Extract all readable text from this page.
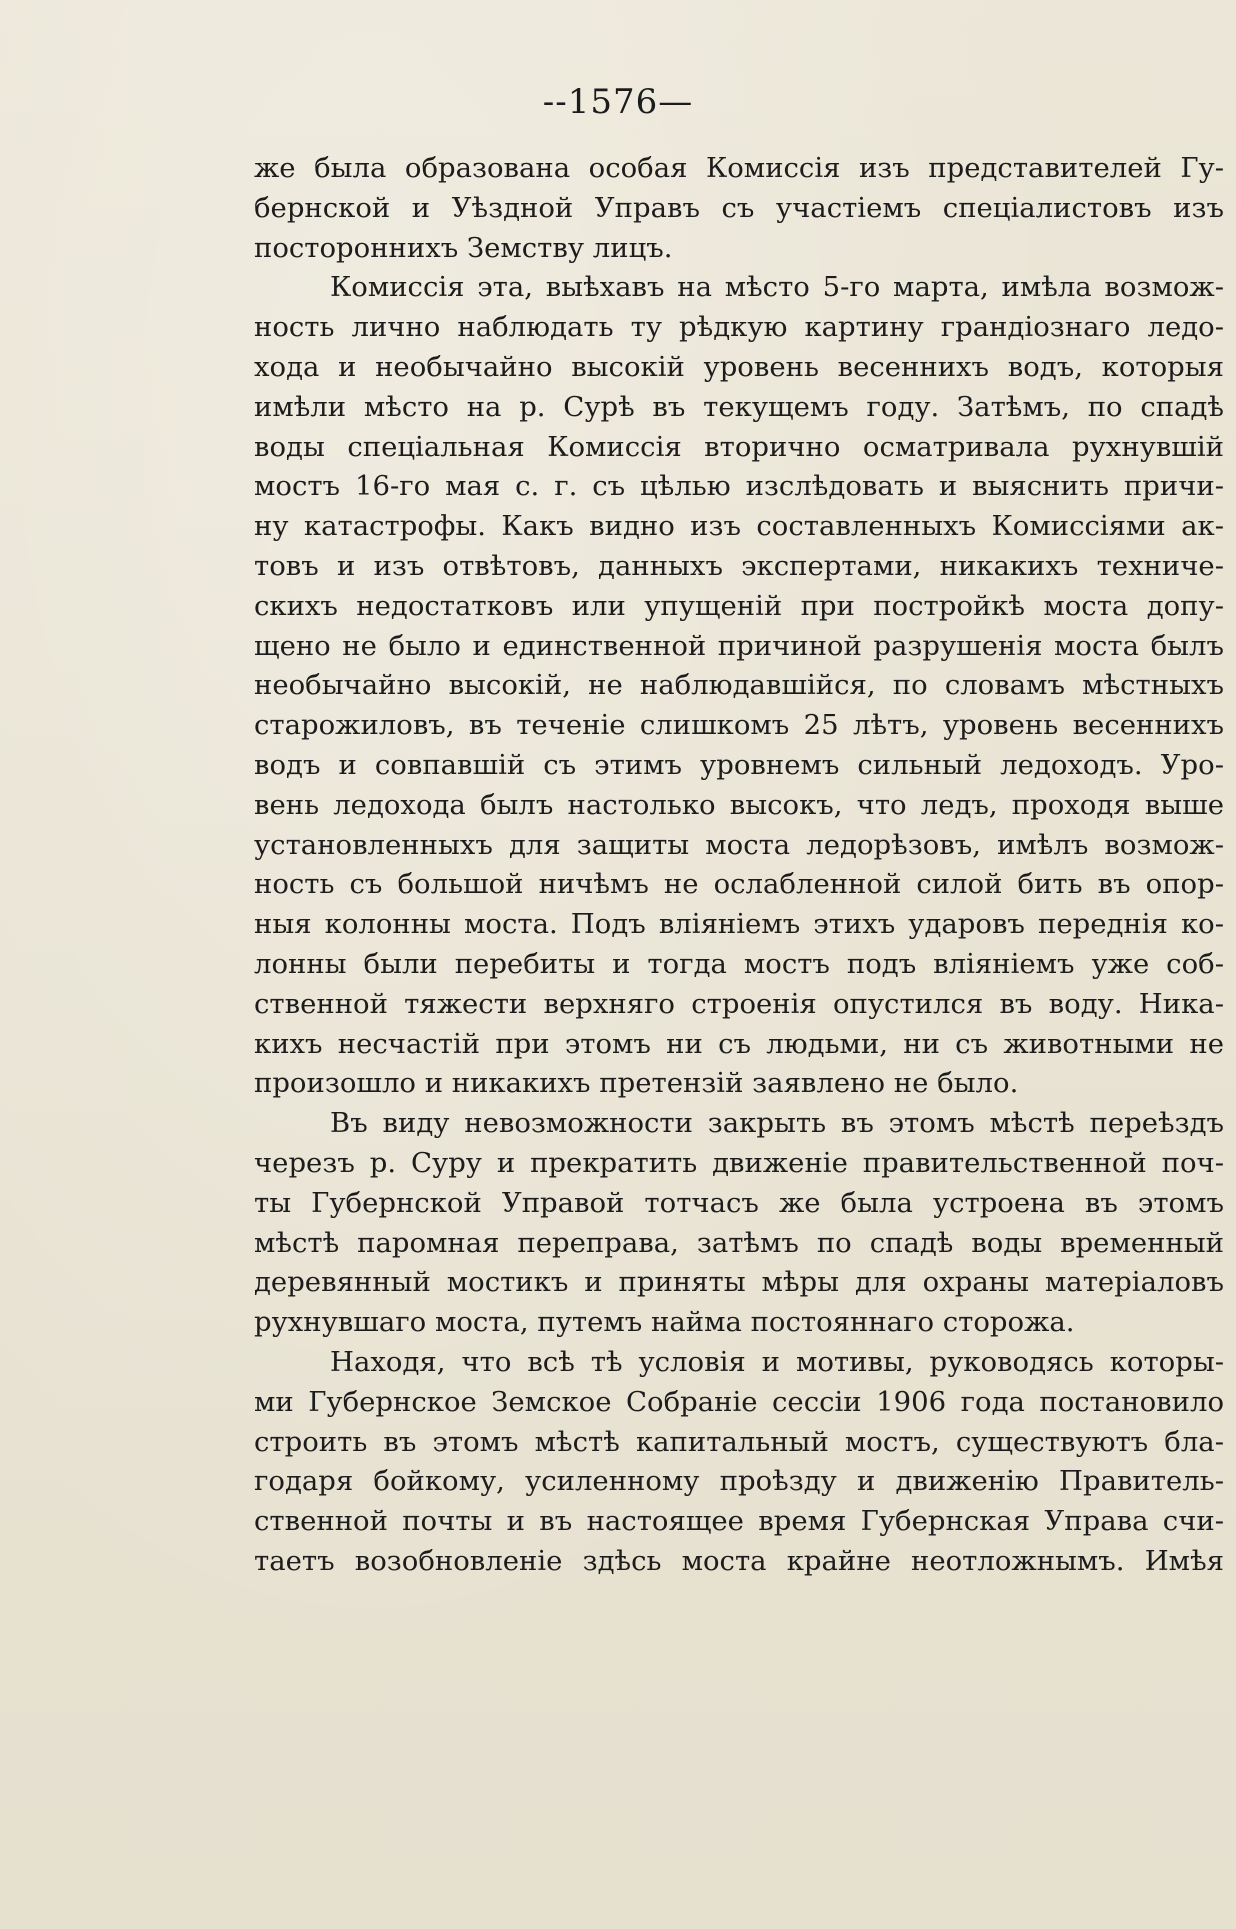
--1576—
же была образована особая Комиссія изъ представителей Гу-
бернской и Уѣздной Управъ съ участіемъ спеціалистовъ изъ
постороннихъ Земству лицъ.
Комиссія эта, выѣхавъ на мѣсто 5-го марта, имѣла возмож-
ность лично наблюдать ту рѣдкую картину грандіознаго ледо-
хода и необычайно высокій уровень весеннихъ водъ, которыя
имѣли мѣсто на р. Сурѣ въ текущемъ году. Затѣмъ, по спадѣ
воды спеціальная Комиссія вторично осматривала рухнувшій
мостъ 16-го мая с. г. съ цѣлью изслѣдовать и выяснить причи-
ну катастрофы. Какъ видно изъ составленныхъ Комиссіями ак-
товъ и изъ отвѣтовъ, данныхъ экспертами, никакихъ техниче-
скихъ недостатковъ или упущеній при постройкѣ моста допу-
щено не было и единственной причиной разрушенія моста былъ
необычайно высокій, не наблюдавшійся, по словамъ мѣстныхъ
старожиловъ, въ теченіе слишкомъ 25 лѣтъ, уровень весеннихъ
водъ и совпавшій съ этимъ уровнемъ сильный ледоходъ. Уро-
вень ледохода былъ настолько высокъ, что ледъ, проходя выше
установленныхъ для защиты моста ледорѣзовъ, имѣлъ возмож-
ность съ большой ничѣмъ не ослабленной силой бить въ опор-
ныя колонны моста. Подъ вліяніемъ этихъ ударовъ переднія ко-
лонны были перебиты и тогда мостъ подъ вліяніемъ уже соб-
ственной тяжести верхняго строенія опустился въ воду. Ника-
кихъ несчастій при этомъ ни съ людьми, ни съ животными не
произошло и никакихъ претензій заявлено не было.
Въ виду невозможности закрыть въ этомъ мѣстѣ переѣздъ
черезъ р. Суру и прекратить движеніе правительственной поч-
ты Губернской Управой тотчасъ же была устроена въ этомъ
мѣстѣ паромная переправа, затѣмъ по спадѣ воды временный
деревянный мостикъ и приняты мѣры для охраны матеріаловъ
рухнувшаго моста, путемъ найма постояннаго сторожа.
Находя, что всѣ тѣ условія и мотивы, руководясь которы-
ми Губернское Земское Собраніе сессіи 1906 года постановило
строить въ этомъ мѣстѣ капитальный мостъ, существуютъ бла-
годаря бойкому, усиленному проѣзду и движенію Правитель-
ственной почты и въ настоящее время Губернская Управа счи-
таетъ возобновленіе здѣсь моста крайне неотложнымъ. Имѣя
